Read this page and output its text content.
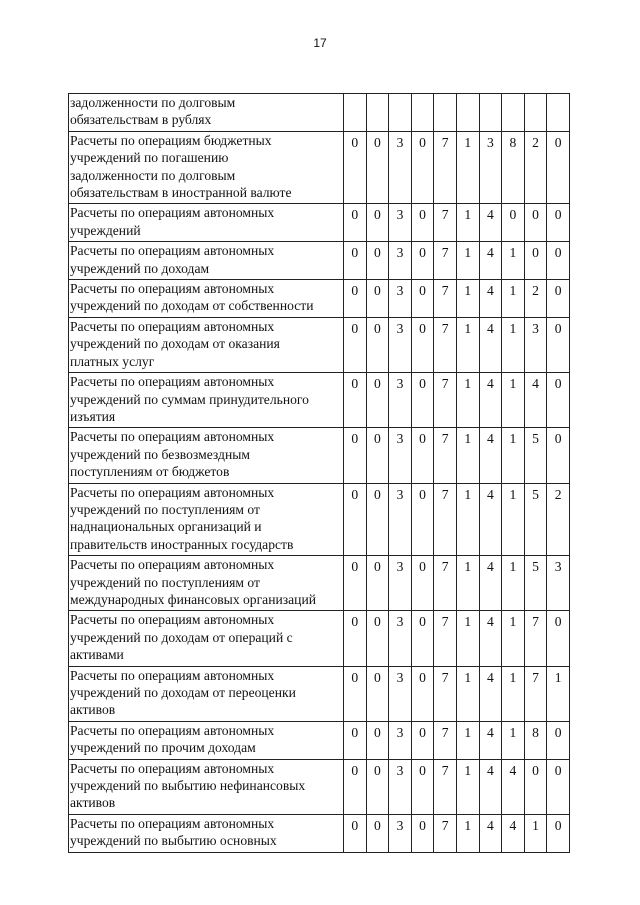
17
задолженности по долговым
обязательствам в рублях										

Расчеты по операциям бюджетных
учреждений по погашению
задолженности по долговым
обязательствам в иностранной валюте	0	0	3	0	7	1	3	8	2	0

Расчеты по операциям автономных
учреждений	0	0	3	0	7	1	4	0	0	0

Расчеты по операциям автономных
учреждений по доходам	0	0	3	0	7	1	4	1	0	0

Расчеты по операциям автономных
учреждений по доходам от собственности	0	0	3	0	7	1	4	1	2	0

Расчеты по операциям автономных
учреждений по доходам от оказания
платных услуг	0	0	3	0	7	1	4	1	3	0

Расчеты по операциям автономных
учреждений по суммам принудительного
изъятия	0	0	3	0	7	1	4	1	4	0

Расчеты по операциям автономных
учреждений по безвозмездным
поступлениям от бюджетов	0	0	3	0	7	1	4	1	5	0

Расчеты по операциям автономных
учреждений по поступлениям от
наднациональных организаций и
правительств иностранных государств	0	0	3	0	7	1	4	1	5	2

Расчеты по операциям автономных
учреждений по поступлениям от
международных финансовых организаций	0	0	3	0	7	1	4	1	5	3

Расчеты по операциям автономных
учреждений по доходам от операций с
активами	0	0	3	0	7	1	4	1	7	0

Расчеты по операциям автономных
учреждений по доходам от переоценки
активов	0	0	3	0	7	1	4	1	7	1

Расчеты по операциям автономных
учреждений по прочим доходам	0	0	3	0	7	1	4	1	8	0

Расчеты по операциям автономных
учреждений по выбытию нефинансовых
активов	0	0	3	0	7	1	4	4	0	0

Расчеты по операциям автономных
учреждений по выбытию основных	0	0	3	0	7	1	4	4	1	0
